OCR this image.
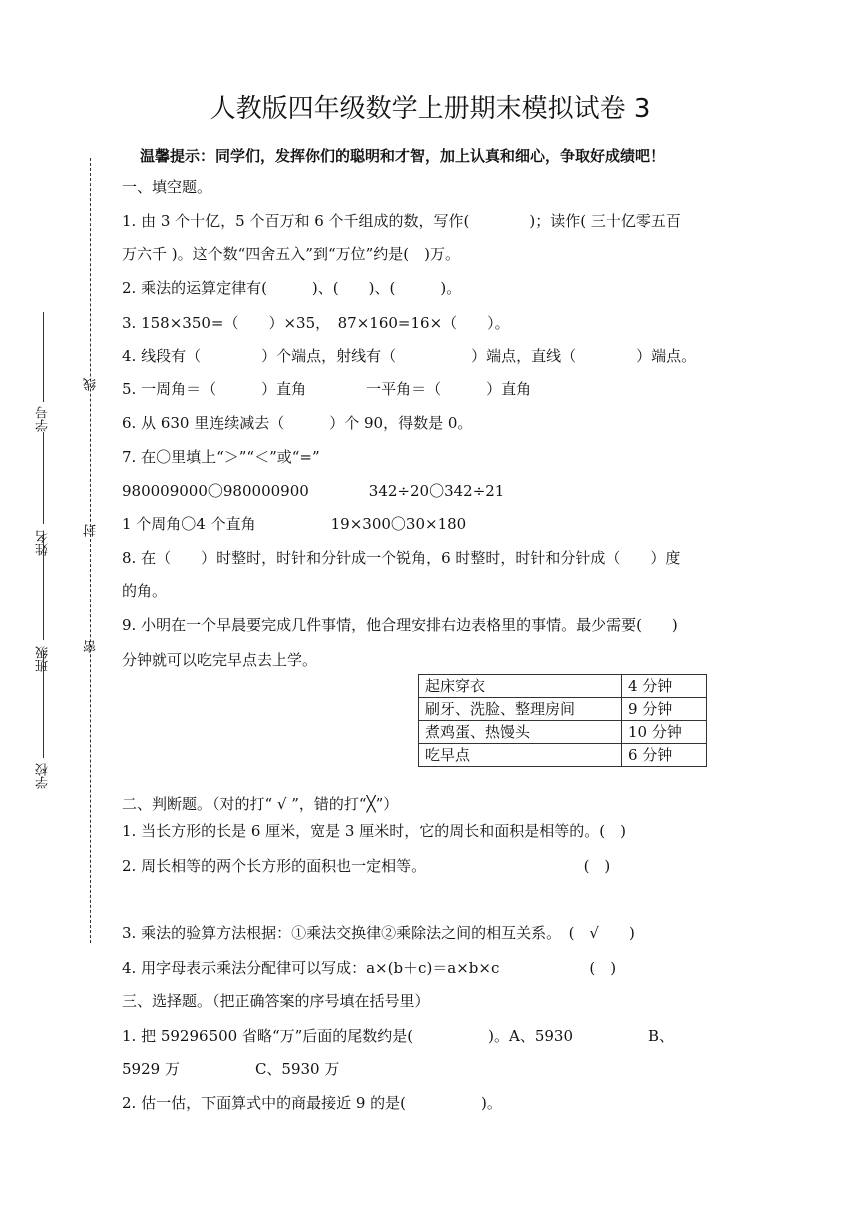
人教版四年级数学上册期末模拟试卷 3
温馨提示：同学们，发挥你们的聪明和才智，加上认真和细心，争取好成绩吧！
学校
班级
姓名
学号
密
封
线
一、填空题。
1. 由 3 个十亿，5 个百万和 6 个千组成的数，写作(　　　　)；读作( 三十亿零五百
万六千 )。这个数“四舍五入”到“万位”约是(　)万。
2. 乘法的运算定律有(　　　)、(　　)、(　　　)。
3. 158×350=（　　）×35，　87×160=16×（　　）。
4. 线段有（　　　　）个端点，射线有（　　　　　）端点，直线（　　　　）端点。
5. 一周角＝（　　　）直角　　　　一平角＝（　　　）直角
6. 从 630 里连续减去（　　　）个 90，得数是 0。
7. 在〇里填上“＞”“＜”或“=”
980009000〇980000900　　　　342÷20〇342÷21
1 个周角〇4 个直角　　　　　19×300〇30×180
8. 在（　　）时整时，时针和分针成一个锐角，6 时整时，时针和分针成（　　）度
的角。
9. 小明在一个早晨要完成几件事情，他合理安排右边表格里的事情。最少需要(　　)
分钟就可以吃完早点去上学。
起床穿衣	4 分钟
刷牙、洗脸、整理房间	9 分钟
煮鸡蛋、热馒头	10 分钟
吃早点	6 分钟
二、判断题。（对的打“ √ ”，错的打“╳”）
1. 当长方形的长是 6 厘米，宽是 3 厘米时，它的周长和面积是相等的。(　)
2. 周长相等的两个长方形的面积也一定相等。　　　　　　　　　　　(　)
3. 乘法的验算方法根据：①乘法交换律②乘除法之间的相互关系。　(　√　　)
4. 用字母表示乘法分配律可以写成：a×(b＋c)＝a×b×c　　　　　　(　)
三、选择题。（把正确答案的序号填在括号里）
1. 把 59296500 省略“万”后面的尾数约是(　　　　　)。A、5930　　　　　B、
5929 万　　　　　C、5930 万
2. 估一估，下面算式中的商最接近 9 的是(　　　　　)。
